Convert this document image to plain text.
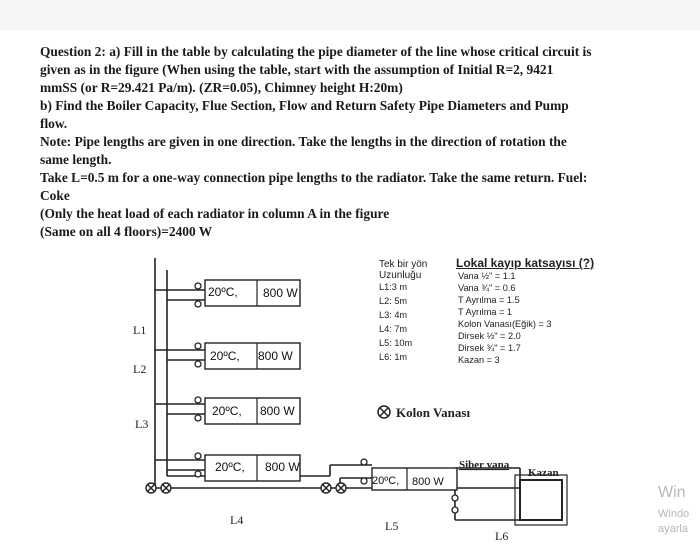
Question 2: a) Fill in the table by calculating the pipe diameter of the line whose critical circuit is
given as in the figure (When using the table, start with the assumption of Initial R=2, 9421
mmSS (or R=29.421 Pa/m). (ZR=0.05), Chimney height H:20m)
b) Find the Boiler Capacity, Flue Section, Flow and Return Safety Pipe Diameters and Pump
flow.
Note: Pipe lengths are given in one direction. Take the lengths in the direction of rotation the
same length.
Take L=0.5 m for a one-way connection pipe lengths to the radiator. Take the same return. Fuel:
Coke
(Only the heat load of each radiator in column A in the figure
(Same on all 4 floors)=2400 W
20ºC, 800 W
20ºC, 800 W
20ºC, 800 W
20ºC, 800 W
20ºC, 800 W
L1
L2
L3
L4	L5
L6
Kolon Vanası
Siber vana
Kazan
Tek bir yön
Uzunluğu
L1:3 m
L2: 5m
L3: 4m
L4: 7m
L5: 10m
L6: 1m
Lokal kayıp katsayısı (?)
Vana ½" = 1.1
Vana ¾" = 0.6
T Ayrılma = 1.5
T Ayrılma = 1
Kolon Vanası(Eğik) = 3
Dirsek ½" = 2.0
Dirsek ¾" = 1.7
Kazan = 3
Win
Windo
ayarla
